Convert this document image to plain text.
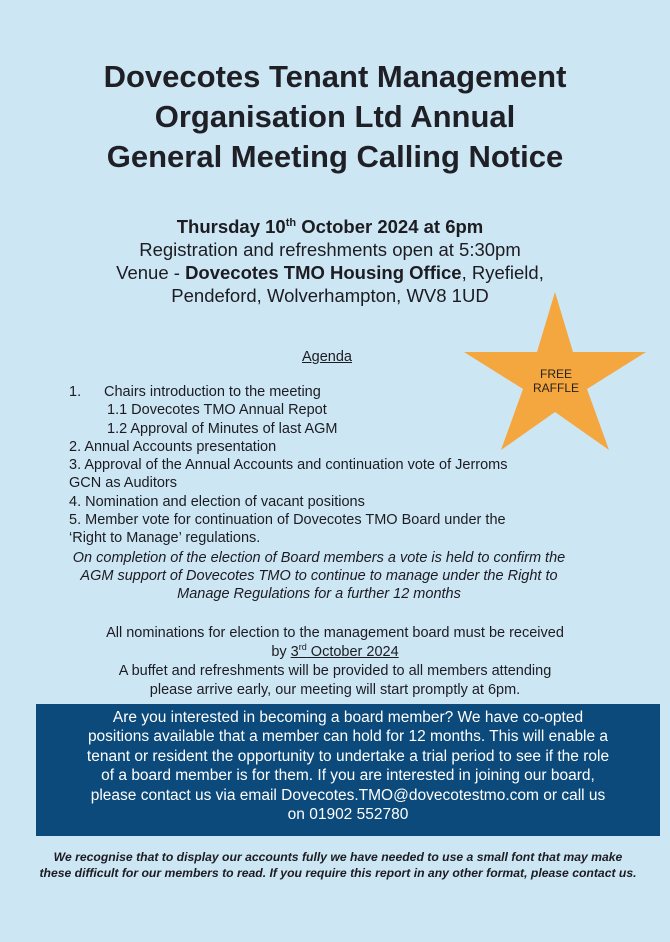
Dovecotes Tenant Management
Organisation Ltd Annual
General Meeting Calling Notice
Thursday 10th October 2024 at 6pm
Registration and refreshments open at 5:30pm
Venue - Dovecotes TMO Housing Office, Ryefield,
Pendeford, Wolverhampton, WV8 1UD
FREE
RAFFLE
Agenda
1. Chairs introduction to the meeting
1.1 Dovecotes TMO Annual Repot
1.2 Approval of Minutes of last AGM
2. Annual Accounts presentation
3. Approval of the Annual Accounts and continuation vote of Jerroms
GCN as Auditors
4. Nomination and election of vacant positions
5. Member vote for continuation of Dovecotes TMO Board under the
‘Right to Manage’ regulations.
On completion of the election of Board members a vote is held to confirm the AGM support of Dovecotes TMO to continue to manage under the Right to Manage Regulations for a further 12 months
All nominations for election to the management board must be received
by 3rd October 2024
A buffet and refreshments will be provided to all members attending
please arrive early, our meeting will start promptly at 6pm.
Are you interested in becoming a board member? We have co-opted
positions available that a member can hold for 12 months. This will enable a
tenant or resident the opportunity to undertake a trial period to see if the role
of a board member is for them. If you are interested in joining our board,
please contact us via email Dovecotes.TMO@dovecotestmo.com or call us
on 01902 552780
We recognise that to display our accounts fully we have needed to use a small font that may make these difficult for our members to read. If you require this report in any other format, please contact us.
